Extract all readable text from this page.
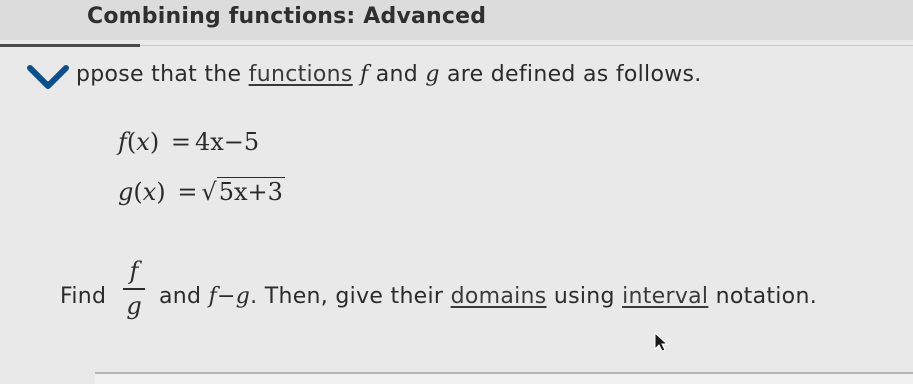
Combining functions: Advanced
ppose that the functions f and g are defined as follows.
f(x) = 4x−5
g(x) = √5x+3
Find
f
g and f−g. Then, give their domains using interval notation.
